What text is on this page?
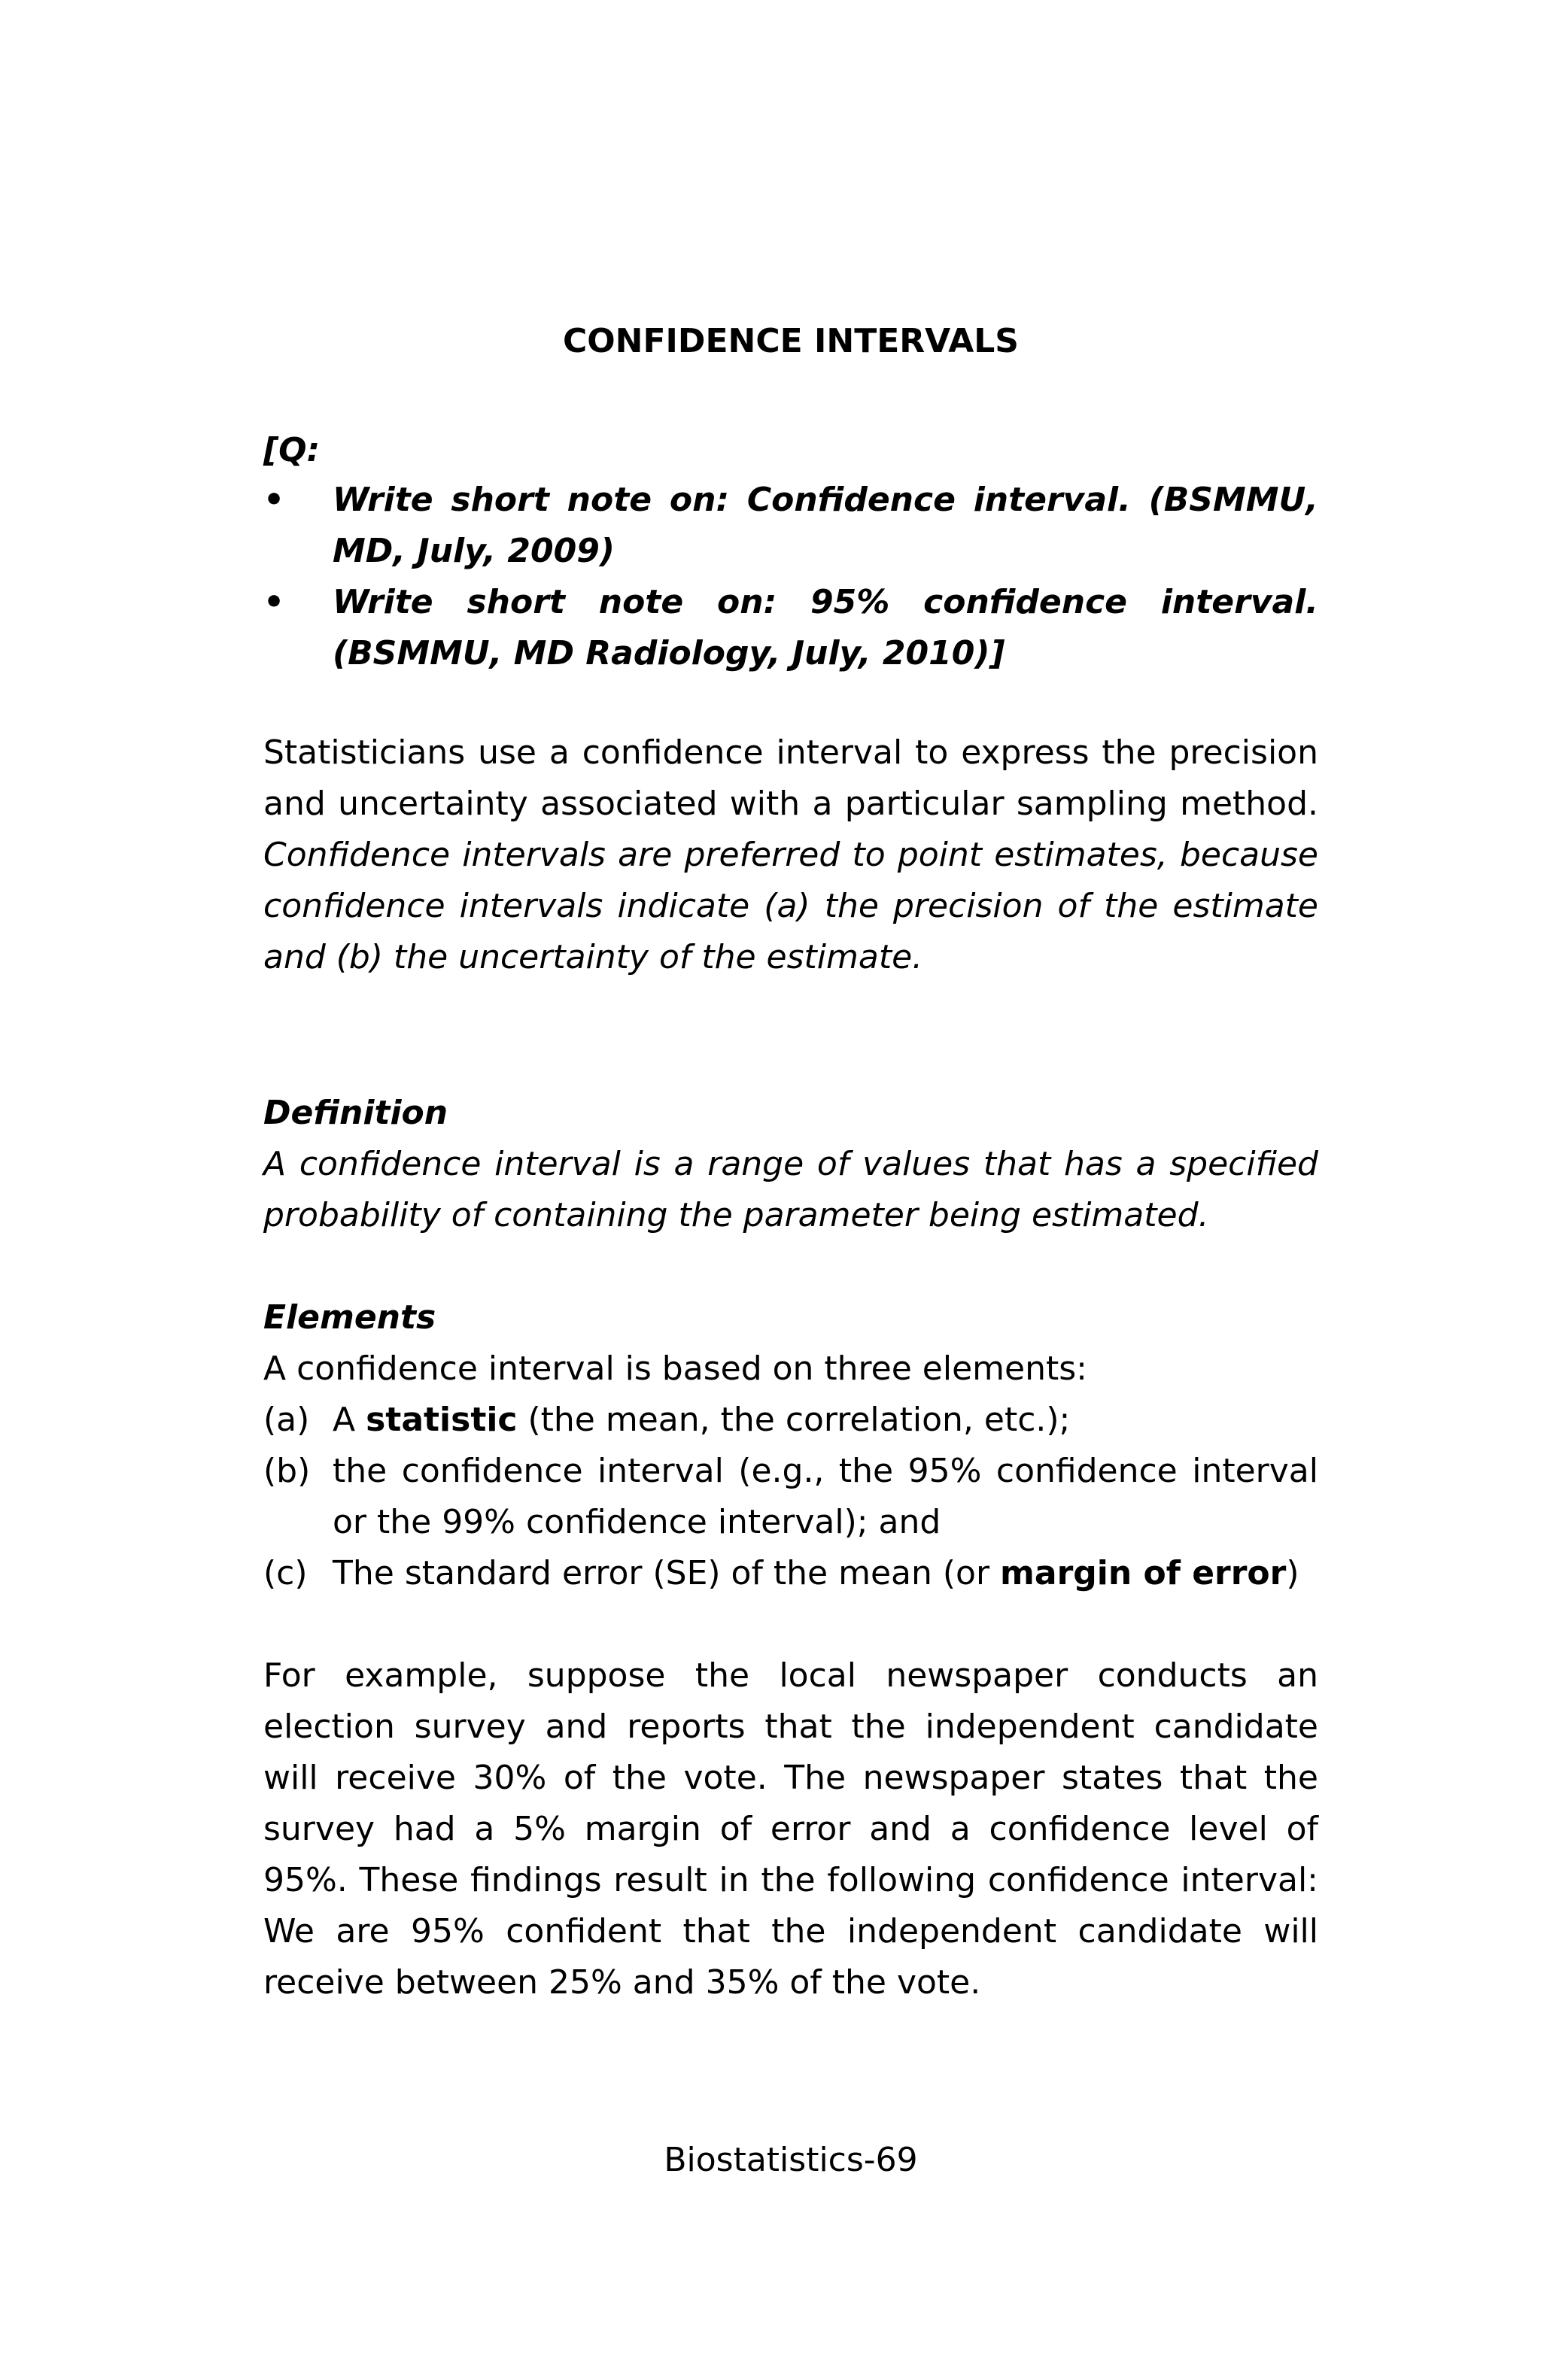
CONFIDENCE INTERVALS
[Q:
• Write short note on: Confidence interval. (BSMMU, MD, July, 2009)
• Write short note on: 95% confidence interval. (BSMMU, MD Radiology, July, 2010)]
Statisticians use a confidence interval to express the precision and uncertainty associated with a particular sampling method. Confidence intervals are preferred to point estimates, because confidence intervals indicate (a) the precision of the estimate and (b) the uncertainty of the estimate.
Definition
A confidence interval is a range of values that has a specified probability of containing the parameter being estimated.
Elements
A confidence interval is based on three elements:
(a) A statistic (the mean, the correlation, etc.);
(b) the confidence interval (e.g., the 95% confidence interval or the 99% confidence interval); and
(c) The standard error (SE) of the mean (or margin of error)
For example, suppose the local newspaper conducts an election survey and reports that the independent candidate will receive 30% of the vote. The newspaper states that the survey had a 5% margin of error and a confidence level of 95%. These findings result in the following confidence interval: We are 95% confident that the independent candidate will receive between 25% and 35% of the vote.
Biostatistics-69
